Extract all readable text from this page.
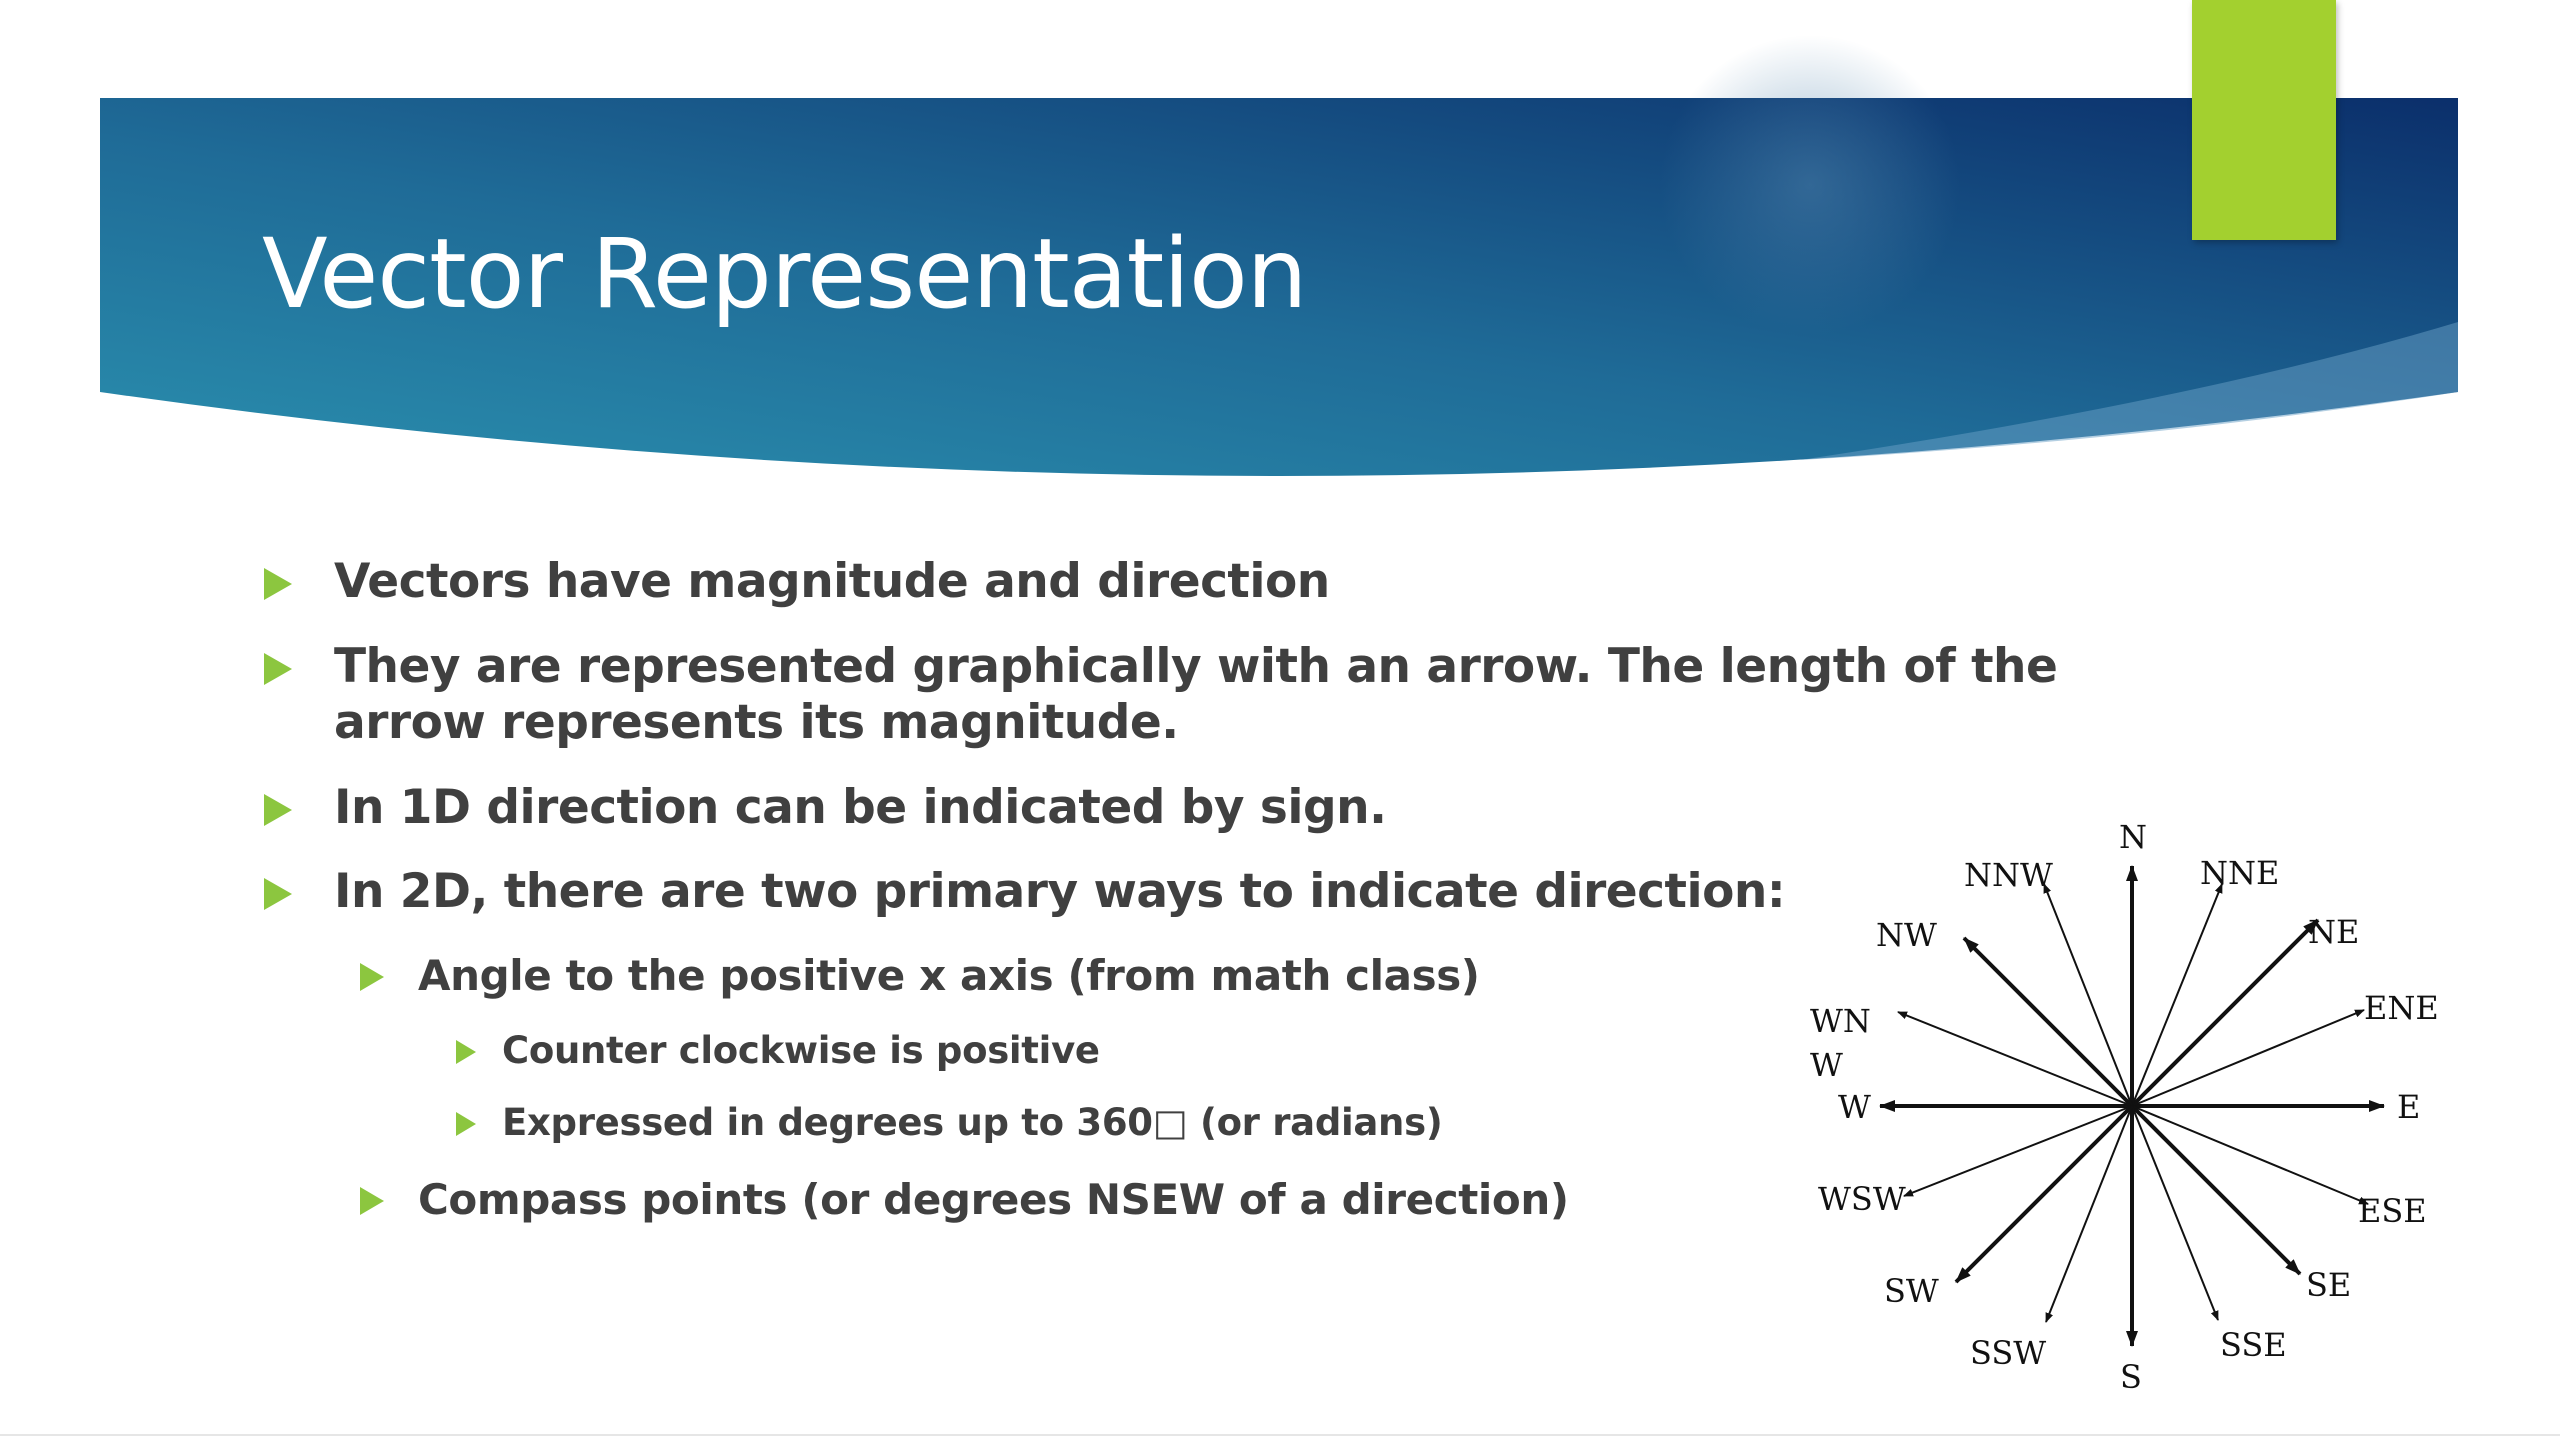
Vector Representation
Vectors have magnitude and direction
They are represented graphically with an arrow. The length of the
arrow represents its magnitude.
In 1D direction can be indicated by sign.
In 2D, there are two primary ways to indicate direction:
Angle to the positive x axis (from math class)
Counter clockwise is positive
Expressed in degrees up to 360□ (or radians)
Compass points (or degrees NSEW of a direction)
N
NNE
NE
ENE
E
ESE
SE
SSE
S
SSW
SW
WSW
W
WN
W
NW
NNW
